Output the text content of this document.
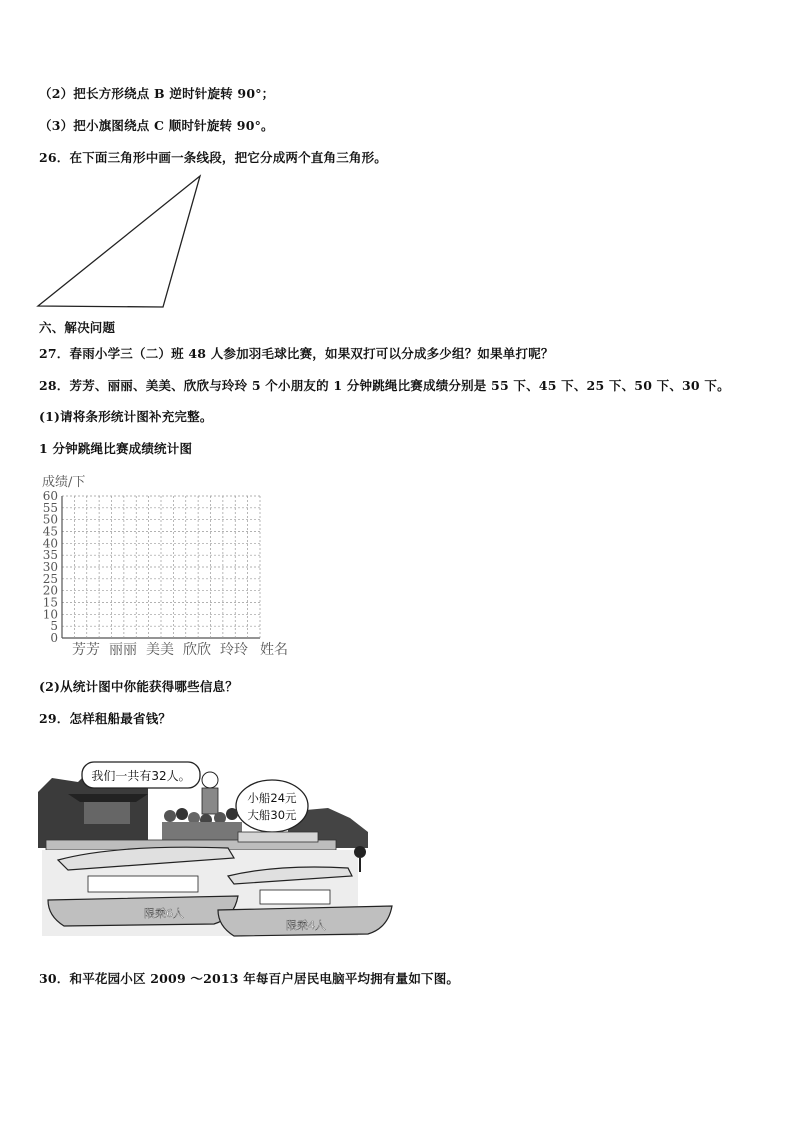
（2）把长方形绕点 B 逆时针旋转 90°；
（3）把小旗图绕点 C 顺时针旋转 90°。
26．在下面三角形中画一条线段，把它分成两个直角三角形。
六、解决问题
27．春雨小学三（二）班 48 人参加羽毛球比赛，如果双打可以分成多少组？如果单打呢？
28．芳芳、丽丽、美美、欣欣与玲玲 5 个小朋友的 1 分钟跳绳比赛成绩分别是 55 下、45 下、25 下、50 下、30 下。
(1)请将条形统计图补充完整。
1 分钟跳绳比赛成绩统计图
成绩/下
0
5
10
15
20
25
30
35
40
45
50
55
60
芳芳 丽丽 美美 欣欣 玲玲 姓名
(2)从统计图中你能获得哪些信息？
29．怎样租船最省钱？
我们一共有32人。
小船24元
大船30元
限乘6人
限乘4人
30．和平花园小区 2009 ～2013 年每百户居民电脑平均拥有量如下图。
